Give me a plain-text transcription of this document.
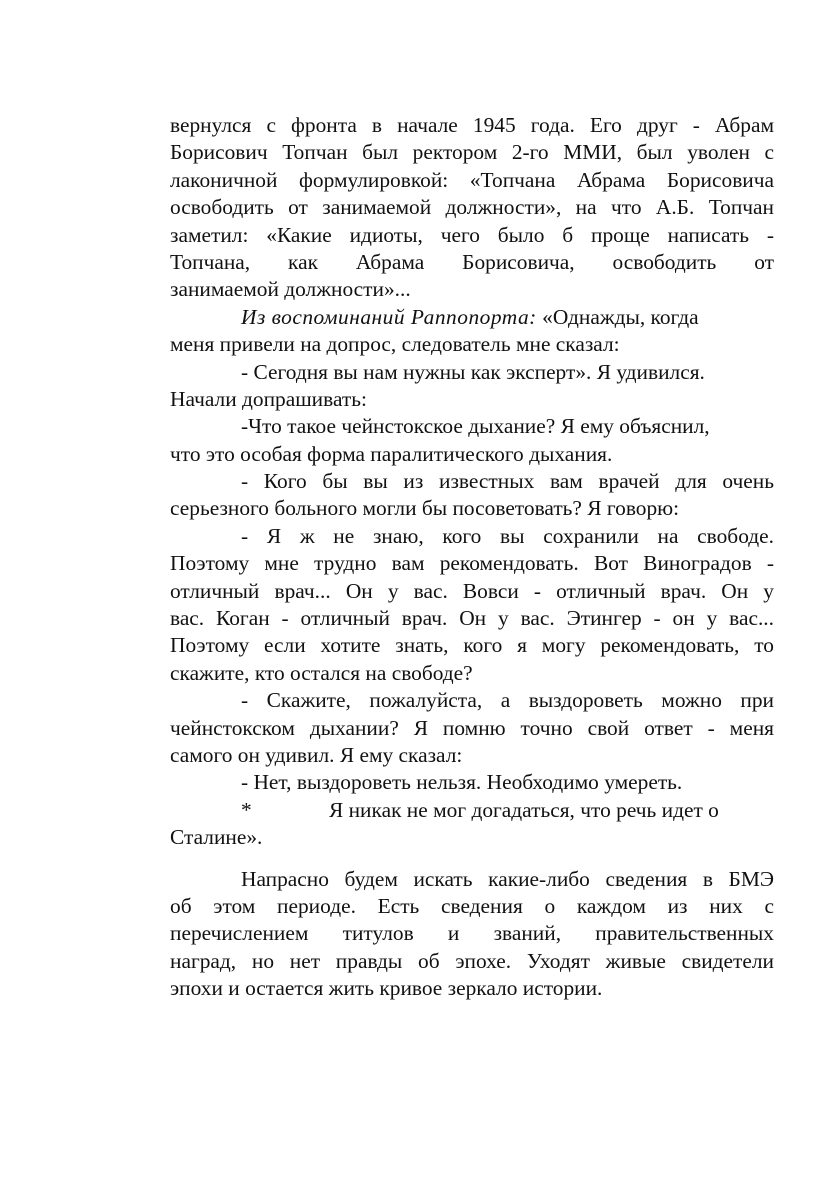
вернулся с фронта в начале 1945 года. Его друг - Абрам
Борисович Топчан был ректором 2-го ММИ, был уволен с
лаконичной формулировкой: «Топчана Абрама Борисовича
освободить от занимаемой должности», на что А.Б. Топчан
заметил: «Какие идиоты, чего было б проще написать -
Топчана, как Абрама Борисовича, освободить от
занимаемой должности»...
Из воспоминаний Раппопорта: «Однажды, когда
меня привели на допрос, следователь мне сказал:
- Сегодня вы нам нужны как эксперт». Я удивился.
Начали допрашивать:
-Что такое чейнстокское дыхание? Я ему объяснил,
что это особая форма паралитического дыхания.
- Кого бы вы из известных вам врачей для очень
серьезного больного могли бы посоветовать? Я говорю:
- Я ж не знаю, кого вы сохранили на свободе.
Поэтому мне трудно вам рекомендовать. Вот Виноградов -
отличный врач... Он у вас. Вовси - отличный врач. Он у
вас. Коган - отличный врач. Он у вас. Этингер - он у вас...
Поэтому если хотите знать, кого я могу рекомендовать, то
скажите, кто остался на свободе?
- Скажите, пожалуйста, а выздороветь можно при
чейнстокском дыхании? Я помню точно свой ответ - меня
самого он удивил. Я ему сказал:
- Нет, выздороветь нельзя. Необходимо умереть.
*	Я никак не мог догадаться, что речь идет о
Сталине».
Напрасно будем искать какие-либо сведения в БМЭ
об этом периоде. Есть сведения о каждом из них с
перечислением титулов и званий, правительственных
наград, но нет правды об эпохе. Уходят живые свидетели
эпохи и остается жить кривое зеркало истории.
